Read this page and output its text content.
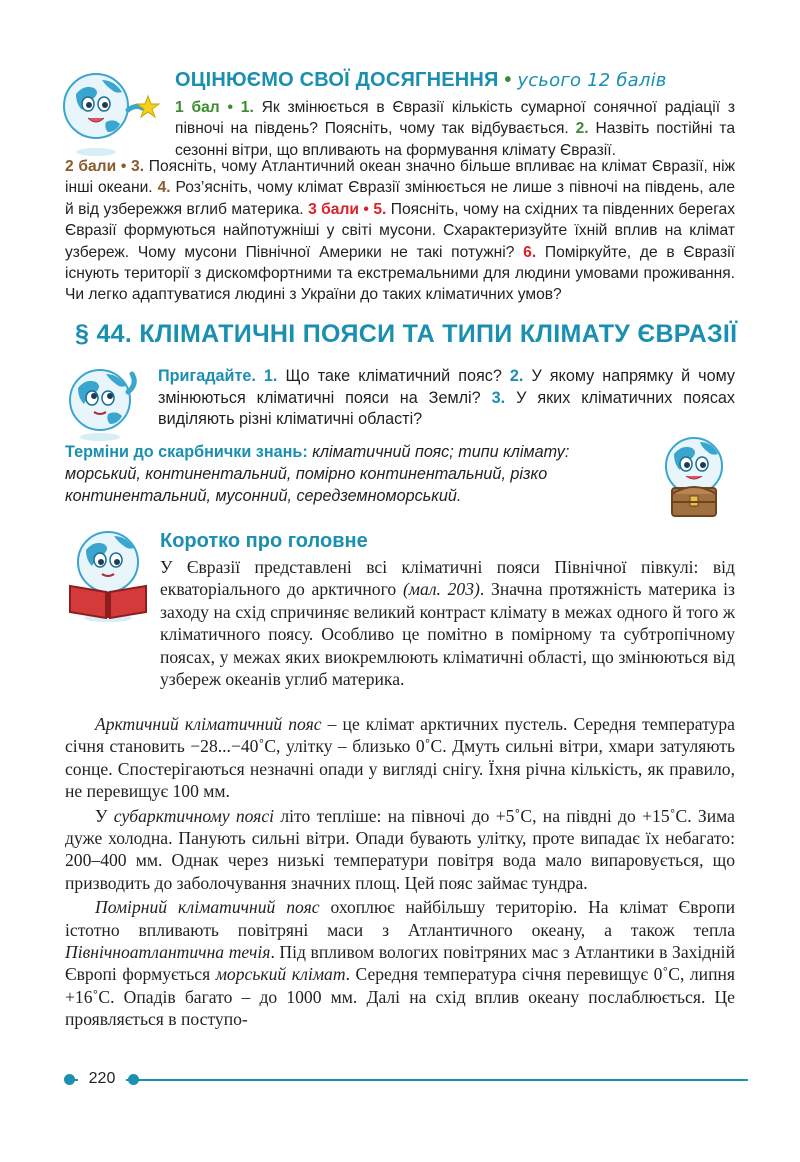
ОЦІНЮЄМО СВОЇ ДОСЯГНЕННЯ • усього 12 балів
1 бал • 1. Як змінюється в Євразії кількість сумарної сонячної радіації з півночі на південь? Поясніть, чому так відбувається. 2. Назвіть постійні та сезонні вітри, що впливають на формування клімату Євразії.
2 бали • 3. Поясніть, чому Атлантичний океан значно більше впливає на клімат Євразії, ніж інші океани. 4. Роз’ясніть, чому клімат Євразії змінюється не лише з півночі на південь, але й від узбережжя вглиб материка. 3 бали • 5. Поясніть, чому на східних та південних берегах Євразії формуються найпотужніші у світі мусони. Схарактеризуйте їхній вплив на клімат узбереж. Чому мусони Північної Америки не такі потужні? 6. Поміркуйте, де в Євразії існують території з дискомфортними та екстремальними для людини умовами проживання. Чи легко адаптуватися людині з України до таких кліматичних умов?
§ 44. КЛІМАТИЧНІ ПОЯСИ ТА ТИПИ КЛІМАТУ ЄВРАЗІЇ
Пригадайте. 1. Що таке кліматичний пояс? 2. У якому напрямку й чому змінюються кліматичні пояси на Землі? 3. У яких кліматичних поясах виділяють різні кліматичні області?
Терміни до скарбнички знань: кліматичний пояс; типи клімату: морський, континентальний, помірно континентальний, різко континентальний, мусонний, середземноморський.
Коротко про головне
У Євразії представлені всі кліматичні пояси Північної півкулі: від екваторіального до арктичного (мал. 203). Значна протяжність материка із заходу на схід спричиняє великий контраст клімату в межах одного й того ж кліматичного поясу. Особливо це помітно в помірному та субтропічному поясах, у межах яких виокремлюють кліматичні області, що змінюються від узбереж океанів углиб материка.

Арктичний кліматичний пояс – це клімат арктичних пустель. Середня температура січня становить −28...−40˚С, улітку – близько 0˚С. Дмуть сильні вітри, хмари затуляють сонце. Спостерігаються незначні опади у вигляді снігу. Їхня річна кількість, як правило, не перевищує 100 мм.

У субарктичному поясі літо тепліше: на півночі до +5˚С, на півдні до +15˚С. Зима дуже холодна. Панують сильні вітри. Опади бувають улітку, проте випадає їх небагато: 200–400 мм. Однак через низькі температури повітря вода мало випаровується, що призводить до заболочування значних площ. Цей пояс займає тундра.

Помірний кліматичний пояс охоплює найбільшу територію. На клімат Європи істотно впливають повітряні маси з Атлантичного океану, а також тепла Північноатлантична течія. Під впливом вологих повітряних мас з Атлантики в Західній Європі формується морський клімат. Середня температура січня перевищує 0˚С, липня +16˚С. Опадів багато – до 1000 мм. Далі на схід вплив океану послаблюється. Це проявляється в поступо-

220
